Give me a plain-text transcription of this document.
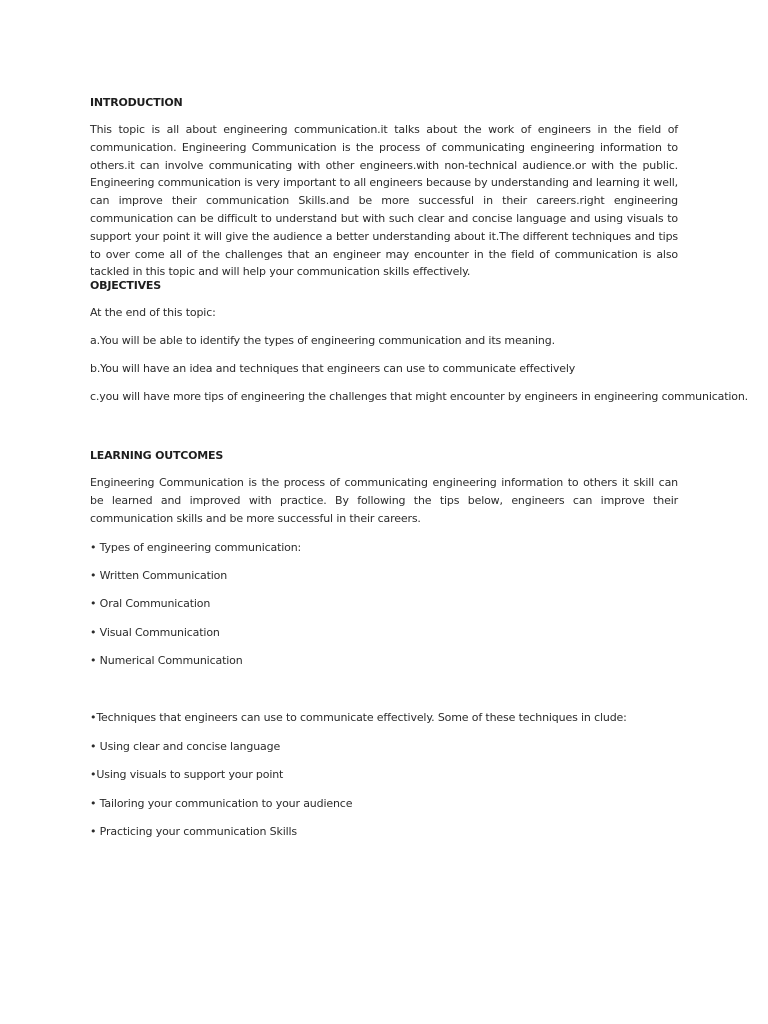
INTRODUCTION
This topic is all about engineering communication.it talks about the work of engineers in the field of communication. Engineering Communication is the process of communicating engineering information to others.it can involve communicating with other engineers.with non-technical audience.or with the public. Engineering communication is very important to all engineers because by understanding and learning it well, can improve their communication Skills.and be more successful in their careers.right engineering communication can be difficult to understand but with such clear and concise language and using visuals to support your point it will give the audience a better understanding about it.The different techniques and tips to over come all of the challenges that an engineer may encounter in the field of communication is also tackled in this topic and will help your communication skills effectively.
OBJECTIVES
At the end of this topic:
a.You will be able to identify the types of engineering communication and its meaning.
b.You will have an idea and techniques that engineers can use to communicate effectively
c.you will have more tips of engineering the challenges that might encounter by engineers in engineering communication.
LEARNING OUTCOMES
Engineering Communication is the process of communicating engineering information to others it skill can be learned and improved with practice. By following the tips below, engineers can improve their communication skills and be more successful in their careers.
• Types of engineering communication:
• Written Communication
• Oral Communication
• Visual Communication
• Numerical Communication
•Techniques that engineers can use to communicate effectively. Some of these techniques in clude:
• Using clear and concise language
•Using visuals to support your point
• Tailoring your communication to your audience
• Practicing your communication Skills
